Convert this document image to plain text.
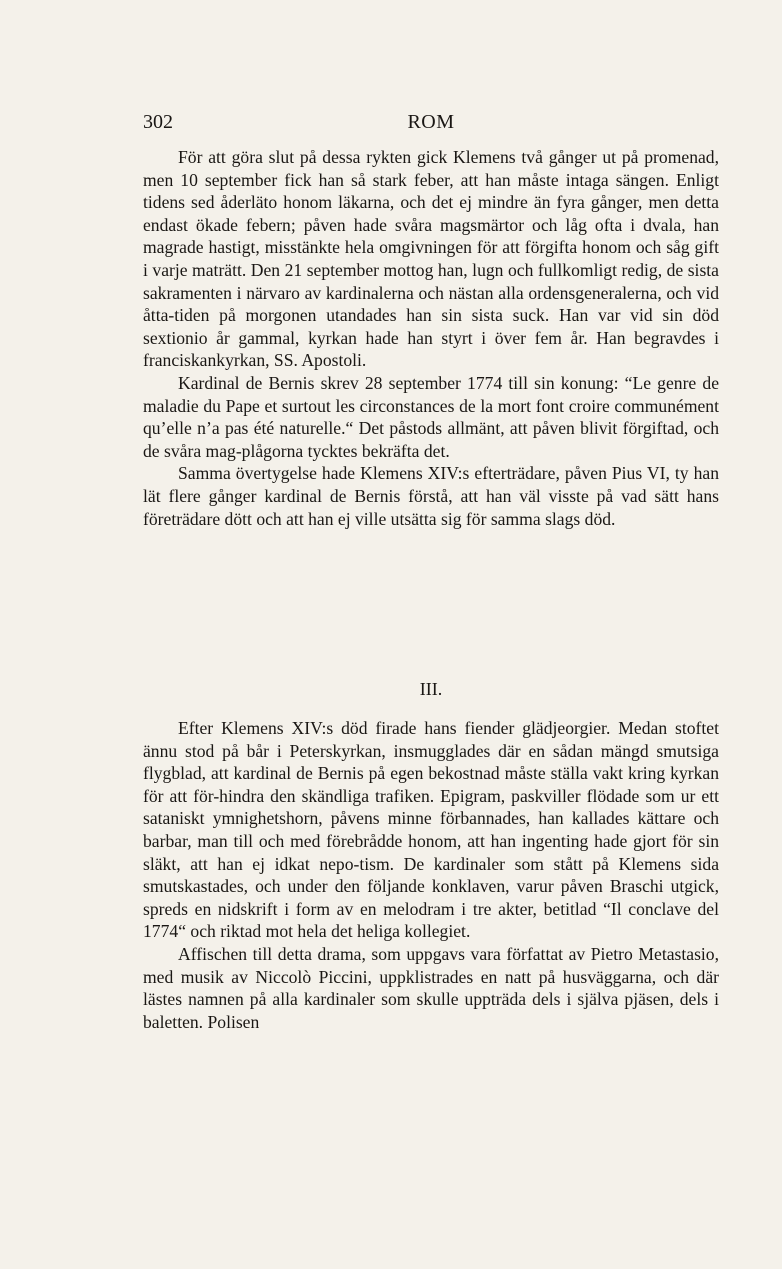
302	ROM

För att göra slut på dessa rykten gick Klemens två gånger ut på promenad, men 10 september fick han så stark feber, att han måste intaga sängen. Enligt tidens sed åderläto honom läkarna, och det ej mindre än fyra gånger, men detta endast ökade febern; påven hade svåra magsmärtor och låg ofta i dvala, han magrade hastigt, misstänkte hela omgivningen för att förgifta honom och såg gift i varje maträtt. Den 21 september mottog han, lugn och fullkomligt redig, de sista sakramenten i närvaro av kardinalerna och nästan alla ordensgeneralerna, och vid åtta-tiden på morgonen utandades han sin sista suck. Han var vid sin död sextionio år gammal, kyrkan hade han styrt i över fem år. Han begravdes i franciskankyrkan, SS. Apostoli.

Kardinal de Bernis skrev 28 september 1774 till sin konung: “Le genre de maladie du Pape et surtout les circonstances de la mort font croire communément qu’elle n’a pas été naturelle.“ Det påstods allmänt, att påven blivit förgiftad, och de svåra mag-plågorna tycktes bekräfta det.

Samma övertygelse hade Klemens XIV:s efterträdare, påven Pius VI, ty han lät flere gånger kardinal de Bernis förstå, att han väl visste på vad sätt hans företrädare dött och att han ej ville utsätta sig för samma slags död.

III.

Efter Klemens XIV:s död firade hans fiender glädjeorgier. Medan stoftet ännu stod på bår i Peterskyrkan, insmugglades där en sådan mängd smutsiga flygblad, att kardinal de Bernis på egen bekostnad måste ställa vakt kring kyrkan för att för-hindra den skändliga trafiken. Epigram, paskviller flödade som ur ett sataniskt ymnighetshorn, påvens minne förbannades, han kallades kättare och barbar, man till och med förebrådde honom, att han ingenting hade gjort för sin släkt, att han ej idkat nepo-tism. De kardinaler som stått på Klemens sida smutskastades, och under den följande konklaven, varur påven Braschi utgick, spreds en nidskrift i form av en melodram i tre akter, betitlad “Il conclave del 1774“ och riktad mot hela det heliga kollegiet.

Affischen till detta drama, som uppgavs vara författat av Pietro Metastasio, med musik av Niccolò Piccini, uppklistrades en natt på husväggarna, och där lästes namnen på alla kardinaler som skulle uppträda dels i själva pjäsen, dels i baletten. Polisen
